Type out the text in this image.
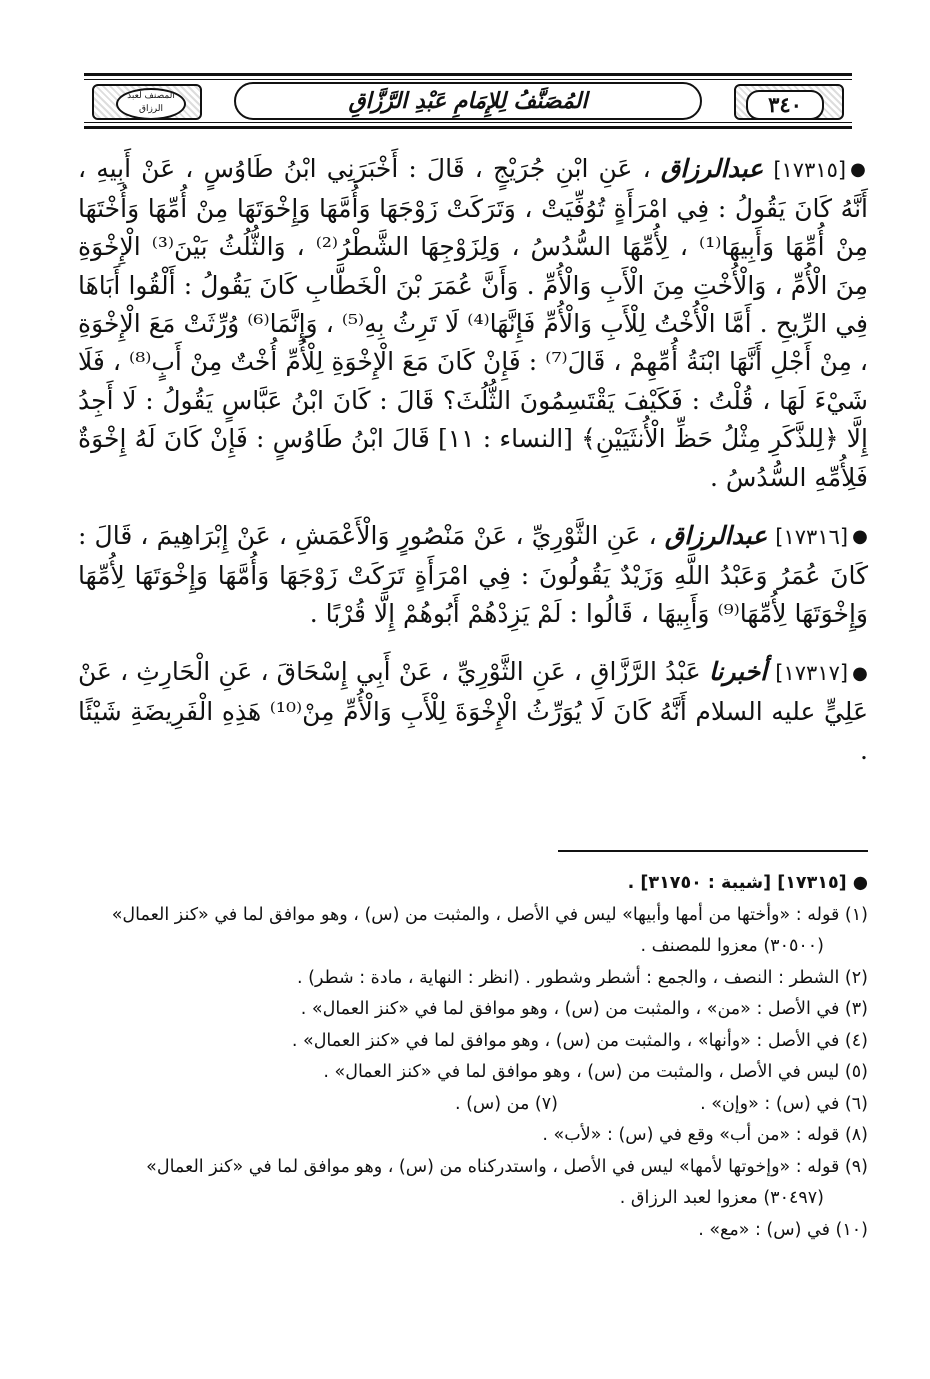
المصنف لعبد الرزاق	المُصَنَّفُ لِلإِمَامِ عَبْدِ الرَّزَّاقِ	٣٤٠

●[١٧٣١٥] عبدالرزاق ، عَنِ ابْنِ جُرَيْجٍ ، قَالَ : أَخْبَرَنِي ابْنُ طَاوُسٍ ، عَنْ أَبِيهِ ، أَنَّهُ كَانَ يَقُولُ : فِي امْرَأَةٍ تُوُفِّيَتْ ، وَتَرَكَتْ زَوْجَهَا وَأُمَّهَا وَإِخْوَتَهَا مِنْ أُمِّهَا وَأُخْتَهَا مِنْ أُمِّهَا وَأَبِيهَا⁽¹⁾ ، لِأُمِّهَا السُّدُسُ ، وَلِزَوْجِهَا الشَّطْرُ⁽²⁾ ، وَالثُّلُثُ بَيْنَ⁽³⁾ الْإِخْوَةِ مِنَ الْأُمِّ ، وَالْأُخْتِ مِنَ الْأَبِ وَالْأُمِّ . وَأَنَّ عُمَرَ بْنَ الْخَطَّابِ كَانَ يَقُولُ : أَلْقُوا أَبَاهَا فِي الرِّيحِ . أَمَّا الْأُخْتُ لِلْأَبِ وَالْأُمِّ فَإِنَّهَا⁽⁴⁾ لَا تَرِثُ بِهِ⁽⁵⁾ ، وَإِنَّمَا⁽⁶⁾ وُرِّثَتْ مَعَ الْإِخْوَةِ ، مِنْ أَجْلِ أَنَّهَا ابْنَةُ أُمِّهِمْ ، قَالَ⁽⁷⁾ : فَإِنْ كَانَ مَعَ الْإِخْوَةِ لِلْأُمِّ أُخْتٌ مِنْ أَبٍ⁽⁸⁾ ، فَلَا شَيْءَ لَهَا ، قُلْتُ : فَكَيْفَ يَقْتَسِمُونَ الثُّلُثَ؟ قَالَ : كَانَ ابْنُ عَبَّاسٍ يَقُولُ : لَا أَجِدُ إِلَّا ﴿لِلذَّكَرِ مِثْلُ حَظِّ الْأُنثَيَيْنِ﴾ [النساء : ١١] قَالَ ابْنُ طَاوُسٍ : فَإِنْ كَانَ لَهُ إِخْوَةٌ فَلِأُمِّهِ السُّدُسُ .

●[١٧٣١٦] عبدالرزاق ، عَنِ الثَّوْرِيِّ ، عَنْ مَنْصُورٍ وَالْأَعْمَشِ ، عَنْ إِبْرَاهِيمَ ، قَالَ : كَانَ عُمَرُ وَعَبْدُ اللَّهِ وَزَيْدٌ يَقُولُونَ : فِي امْرَأَةٍ تَرَكَتْ زَوْجَهَا وَأُمَّهَا وَإِخْوَتَهَا لِأُمِّهَا وَإِخْوَتَهَا لِأُمِّهَا⁽⁹⁾ وَأَبِيهَا ، قَالُوا : لَمْ يَزِدْهُمْ أَبُوهُمْ إِلَّا قُرْبًا .

●[١٧٣١٧] أخبرنا عَبْدُ الرَّزَّاقِ ، عَنِ الثَّوْرِيِّ ، عَنْ أَبِي إِسْحَاقَ ، عَنِ الْحَارِثِ ، عَنْ عَلِيٍّ عليه السلام أَنَّهُ كَانَ لَا يُوَرِّثُ الْإِخْوَةَ لِلْأَبِ وَالْأُمِّ مِنْ⁽¹⁰⁾ هَذِهِ الْفَرِيضَةِ شَيْئًا .

● [١٧٣١٥] [شيبة : ٣١٧٥٠] .

(١) قوله : «وأختها من أمها وأبيها» ليس في الأصل ، والمثبت من (س) ، وهو موافق لما في «كنز العمال»

(٣٠٥٠٠) معزوا للمصنف .

(٢) الشطر : النصف ، والجمع : أشطر وشطور . (انظر : النهاية ، مادة : شطر) .

(٣) في الأصل : «من» ، والمثبت من (س) ، وهو موافق لما في «كنز العمال» .

(٤) في الأصل : «وأنها» ، والمثبت من (س) ، وهو موافق لما في «كنز العمال» .

(٥) ليس في الأصل ، والمثبت من (س) ، وهو موافق لما في «كنز العمال» .

(٦) في (س) : «وإن» .
(٧) من (س) .

(٨) قوله : «من أب» وقع في (س) : «لأب» .

(٩) قوله : «وإخوتها لأمها» ليس في الأصل ، واستدركناه من (س) ، وهو موافق لما في «كنز العمال»

(٣٠٤٩٧) معزوا لعبد الرزاق .

(١٠) في (س) : «مع» .
